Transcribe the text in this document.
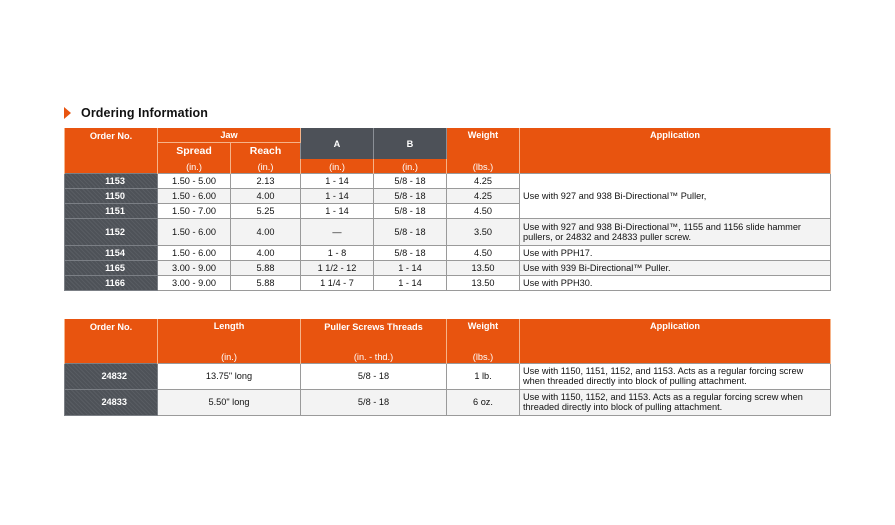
Ordering Information
Order No.	Jaw		A	B	Weight	Application
	Spread	Reach				
	(in.)	(in.)	(in.)	(in.)	(lbs.)	
1153	1.50 - 5.00	2.13	1 - 14	5/8 - 18	4.25	Use with 927 and 938 Bi-Directional™ Puller,
1150	1.50 - 6.00	4.00	1 - 14	5/8 - 18	4.25	
1151	1.50 - 7.00	5.25	1 - 14	5/8 - 18	4.50	
1152	1.50 - 6.00	4.00	—	5/8 - 18	3.50	Use with 927 and 938 Bi-Directional™, 1155 and 1156 slide hammer pullers, or 24832 and 24833 puller screw.
1154	1.50 - 6.00	4.00	1 - 8	5/8 - 18	4.50	Use with PPH17.
1165	3.00 - 9.00	5.88	1 1/2 - 12	1 - 14	13.50	Use with 939 Bi-Directional™ Puller.
1166	3.00 - 9.00	5.88	1 1/4 - 7	1 - 14	13.50	Use with PPH30.
Order No.	Length	Puller Screws Threads	Weight	Application
	(in.)	(in. - thd.)	(lbs.)	
24832	13.75" long	5/8 - 18	1 lb.	Use with 1150, 1151, 1152, and 1153. Acts as a regular forcing screw when threaded directly into block of pulling attachment.
24833	5.50" long	5/8 - 18	6 oz.	Use with 1150, 1152, and 1153. Acts as a regular forcing screw when threaded directly into block of pulling attachment.
